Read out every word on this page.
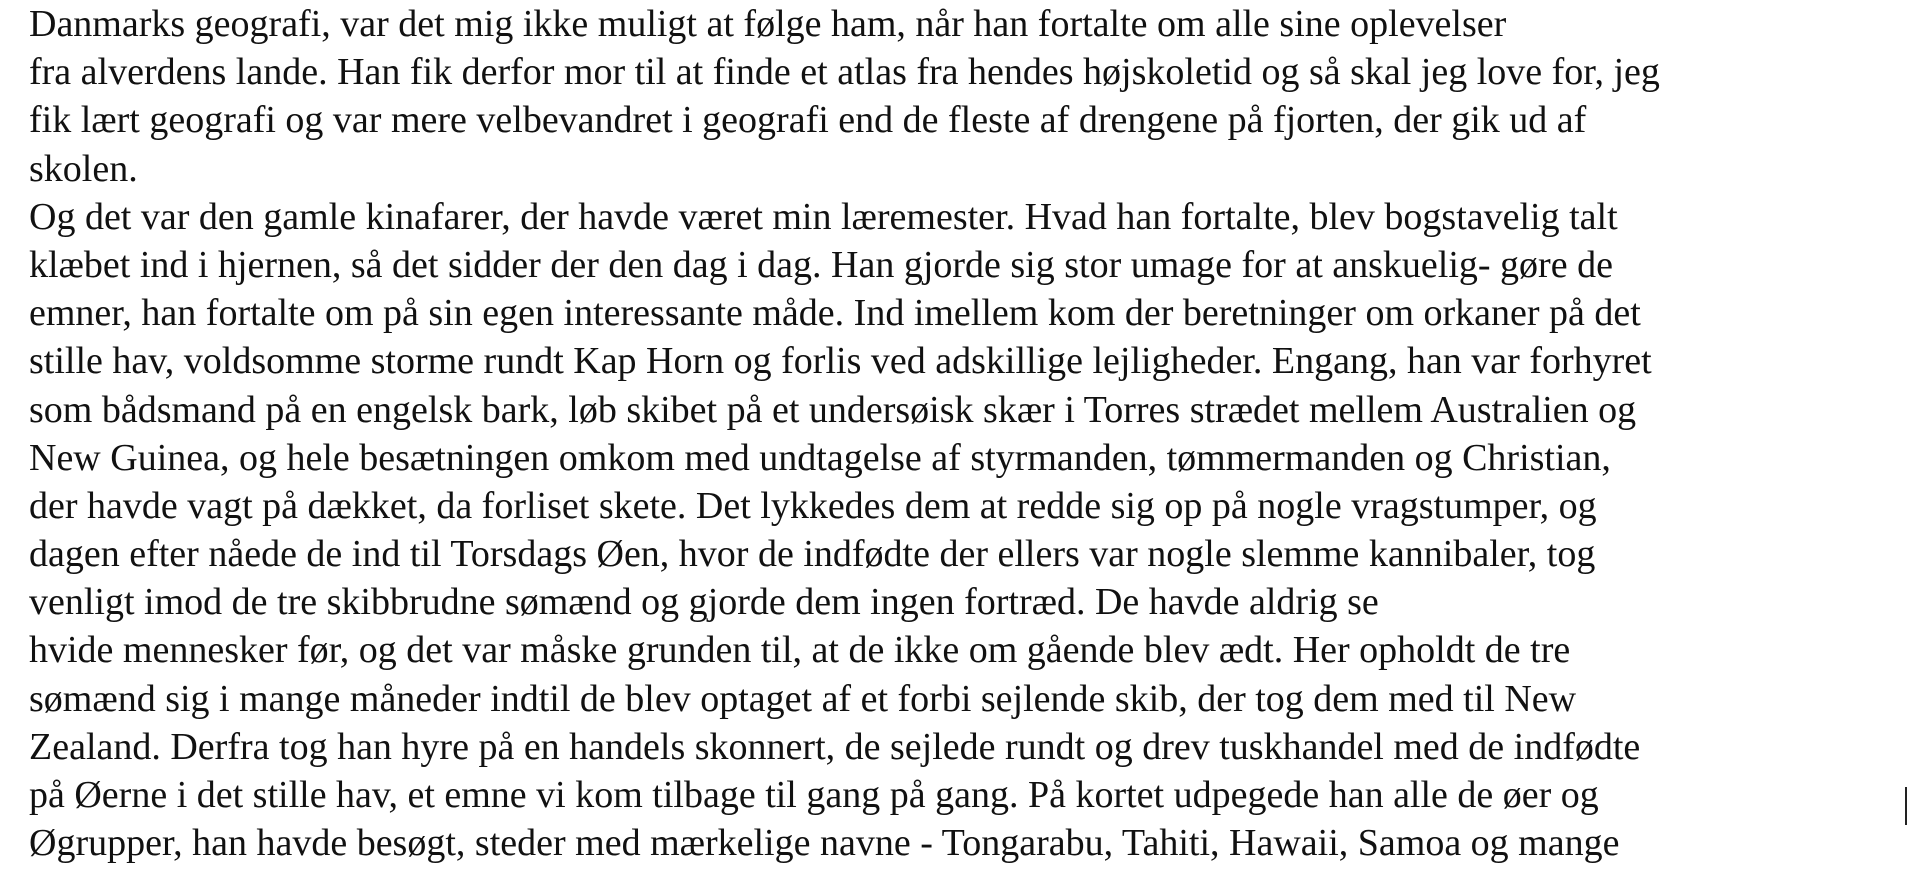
Danmarks geografi, var det mig ikke muligt at følge ham, når han fortalte om alle sine oplevelser
fra alverdens lande. Han fik derfor mor til at finde et atlas fra hendes højskoletid og så skal jeg love for, jeg
fik lært geografi og var mere velbevandret i geografi end de fleste af drengene på fjorten, der gik ud af
skolen.
Og det var den gamle kinafarer, der havde været min læremester. Hvad han fortalte, blev bogstavelig talt
klæbet ind i hjernen, så det sidder der den dag i dag. Han gjorde sig stor umage for at anskuelig- gøre de
emner, han fortalte om på sin egen interessante måde. Ind imellem kom der beretninger om orkaner på det
stille hav, voldsomme storme rundt Kap Horn og forlis ved adskillige lejligheder. Engang, han var forhyret
som bådsmand på en engelsk bark, løb skibet på et undersøisk skær i Torres strædet mellem Australien og
New Guinea, og hele besætningen omkom med undtagelse af styrmanden, tømmermanden og Christian,
der havde vagt på dækket, da forliset skete. Det lykkedes dem at redde sig op på nogle vragstumper, og
dagen efter nåede de ind til Torsdags Øen, hvor de indfødte der ellers var nogle slemme kannibaler, tog
venligt imod de tre skibbrudne sømænd og gjorde dem ingen fortræd. De havde aldrig se
hvide mennesker før, og det var måske grunden til, at de ikke om gående blev ædt. Her opholdt de tre
sømænd sig i mange måneder indtil de blev optaget af et forbi sejlende skib, der tog dem med til New
Zealand. Derfra tog han hyre på en handels skonnert, de sejlede rundt og drev tuskhandel med de indfødte
på Øerne i det stille hav, et emne vi kom tilbage til gang på gang. På kortet udpegede han alle de øer og
Øgrupper, han havde besøgt, steder med mærkelige navne - Tongarabu, Tahiti, Hawaii, Samoa og mange
